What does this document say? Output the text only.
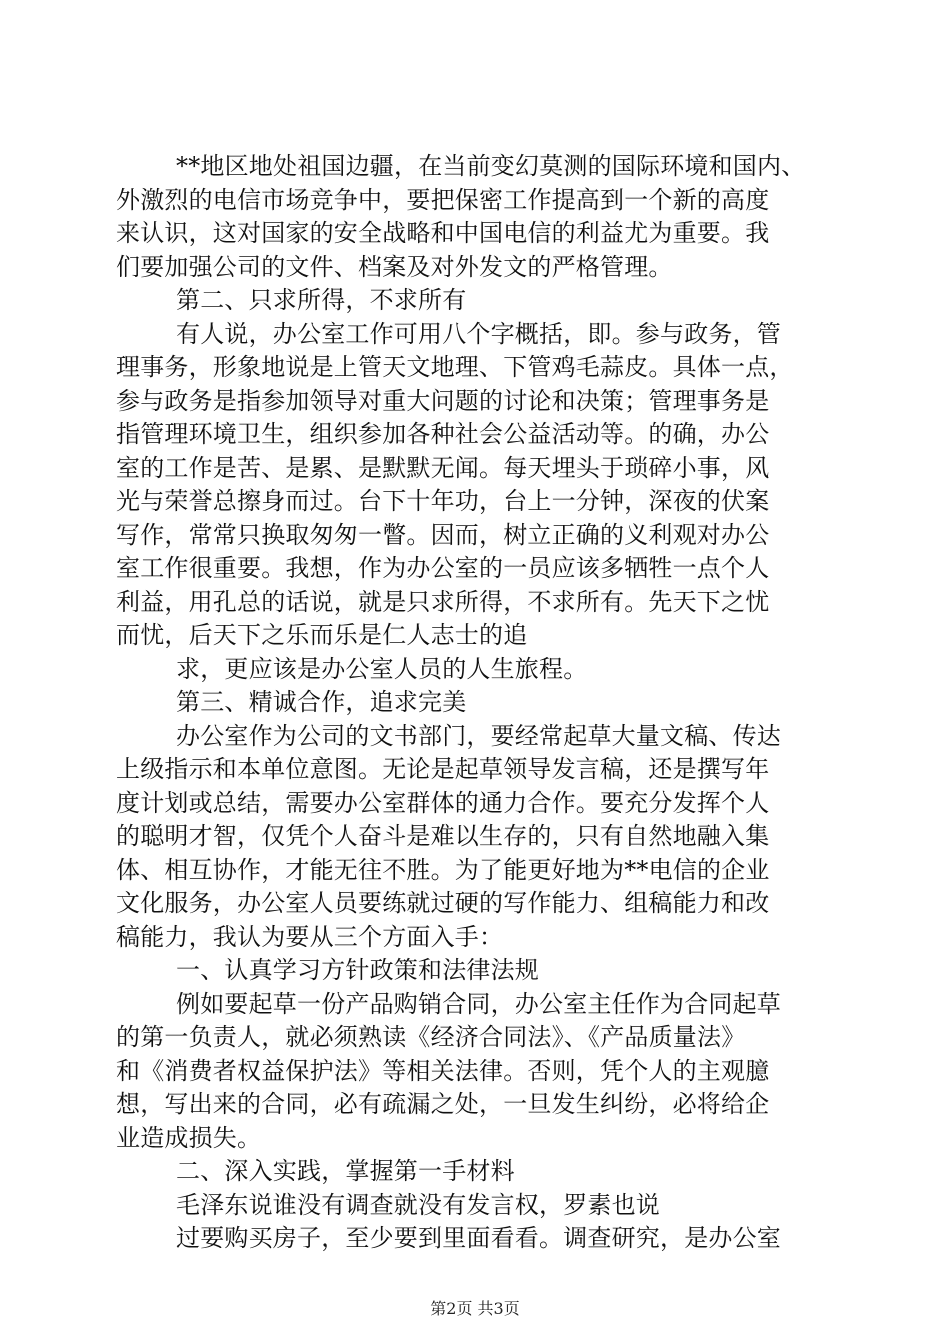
**地区地处祖国边疆，在当前变幻莫测的国际环境和国内、
外激烈的电信市场竞争中，要把保密工作提高到一个新的高度
来认识，这对国家的安全战略和中国电信的利益尤为重要。我
们要加强公司的文件、档案及对外发文的严格管理。
第二、只求所得，不求所有
有人说，办公室工作可用八个字概括，即。参与政务，管
理事务，形象地说是上管天文地理、下管鸡毛蒜皮。具体一点，
参与政务是指参加领导对重大问题的讨论和决策；管理事务是
指管理环境卫生，组织参加各种社会公益活动等。的确，办公
室的工作是苦、是累、是默默无闻。每天埋头于琐碎小事，风
光与荣誉总擦身而过。台下十年功，台上一分钟，深夜的伏案
写作，常常只换取匆匆一瞥。因而，树立正确的义利观对办公
室工作很重要。我想，作为办公室的一员应该多牺牲一点个人
利益，用孔总的话说，就是只求所得，不求所有。先天下之忧
而忧，后天下之乐而乐是仁人志士的追
求，更应该是办公室人员的人生旅程。
第三、精诚合作，追求完美
办公室作为公司的文书部门，要经常起草大量文稿、传达
上级指示和本单位意图。无论是起草领导发言稿，还是撰写年
度计划或总结，需要办公室群体的通力合作。要充分发挥个人
的聪明才智，仅凭个人奋斗是难以生存的，只有自然地融入集
体、相互协作，才能无往不胜。为了能更好地为**电信的企业
文化服务，办公室人员要练就过硬的写作能力、组稿能力和改
稿能力，我认为要从三个方面入手：
一、认真学习方针政策和法律法规
例如要起草一份产品购销合同，办公室主任作为合同起草
的第一负责人，就必须熟读《经济合同法》、《产品质量法》
和《消费者权益保护法》等相关法律。否则，凭个人的主观臆
想，写出来的合同，必有疏漏之处，一旦发生纠纷，必将给企
业造成损失。
二、深入实践，掌握第一手材料
毛泽东说谁没有调查就没有发言权，罗素也说
过要购买房子，至少要到里面看看。调查研究，是办公室
第2页 共3页
